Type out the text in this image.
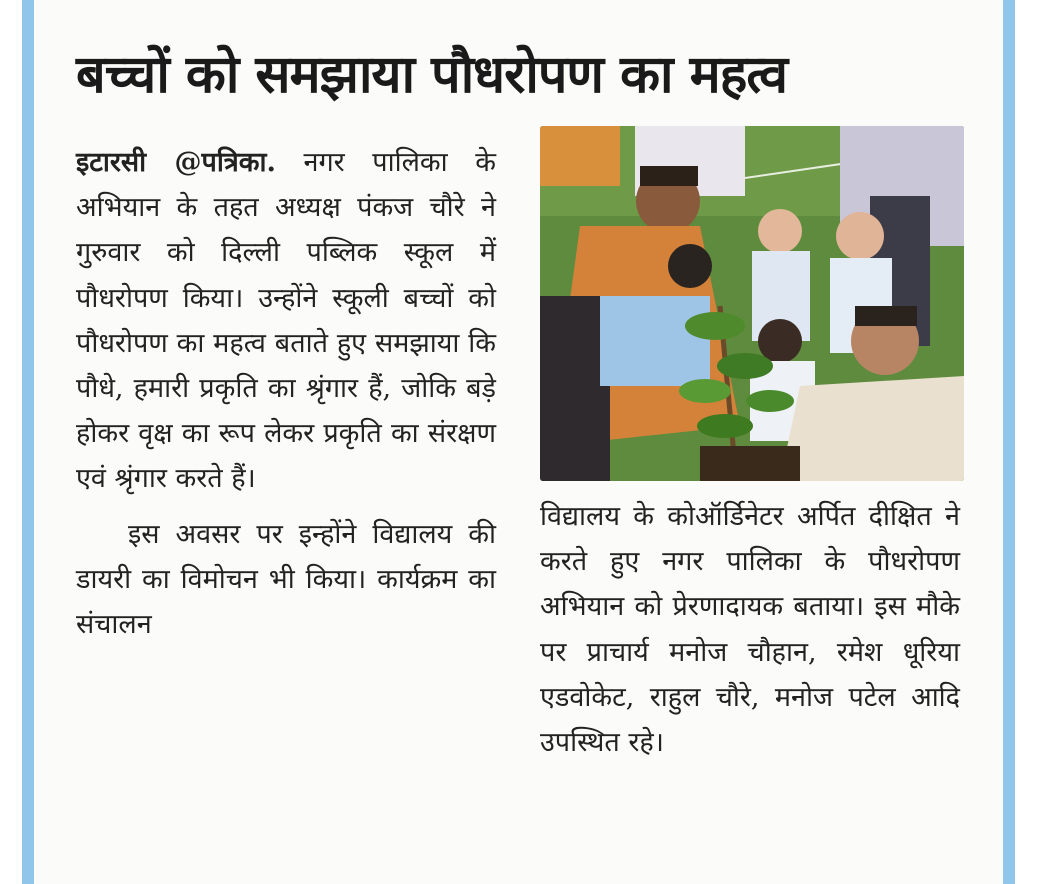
बच्चों को समझाया पौधरोपण का महत्व

इटारसी @पत्रिका. नगर पालिका के अभियान के तहत अध्यक्ष पंकज चौरे ने गुरुवार को दिल्ली पब्लिक स्कूल में पौधरोपण किया। उन्होंने स्कूली बच्चों को पौधरोपण का महत्व बताते हुए समझाया कि पौधे, हमारी प्रकृति का श्रृंगार हैं, जोकि बड़े होकर वृक्ष का रूप लेकर प्रकृति का संरक्षण एवं श्रृंगार करते हैं।

इस अवसर पर इन्होंने विद्यालय की डायरी का विमोचन भी किया। कार्यक्रम का संचालन

विद्यालय के कोऑर्डिनेटर अर्पित दीक्षित ने करते हुए नगर पालिका के पौधरोपण अभियान को प्रेरणादायक बताया। इस मौके पर प्राचार्य मनोज चौहान, रमेश धूरिया एडवोकेट, राहुल चौरे, मनोज पटेल आदि उपस्थित रहे।
